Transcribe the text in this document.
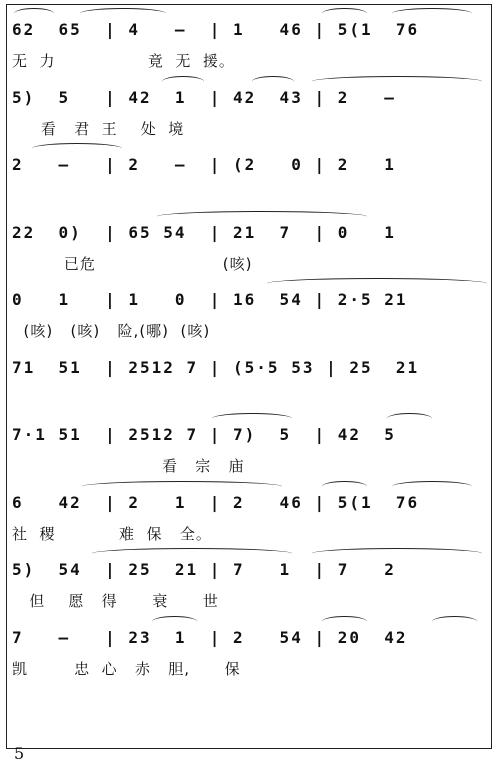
62  65  | 4   —  | 1   46 | 5(1  76
无  力                竟  无  援。
5)  5   | 42  1  | 42  43 | 2   —
看   君  王    处  境
2   —   | 2   —  | (2   0 | 2   1
22  0)  | 65 54  | 21  7  | 0   1
已危                      (咳)
0   1   | 1   0  | 16  54 | 2·5 21
(咳)   (咳)   险,(哪)  (咳)
71  51  | 2512 7 | (5·5 53 | 25  21
7·1 51  | 2512 7 | 7)  5  | 42  5
看   宗   庙
6   42  | 2   1  | 2   46 | 5(1  76
社  稷           难  保   全。
5)  54  | 25  21 | 7   1  | 7   2
但    愿   得      衰      世
7   —   | 23  1  | 2   54 | 20  42
凯        忠  心   赤   胆,      保
5
